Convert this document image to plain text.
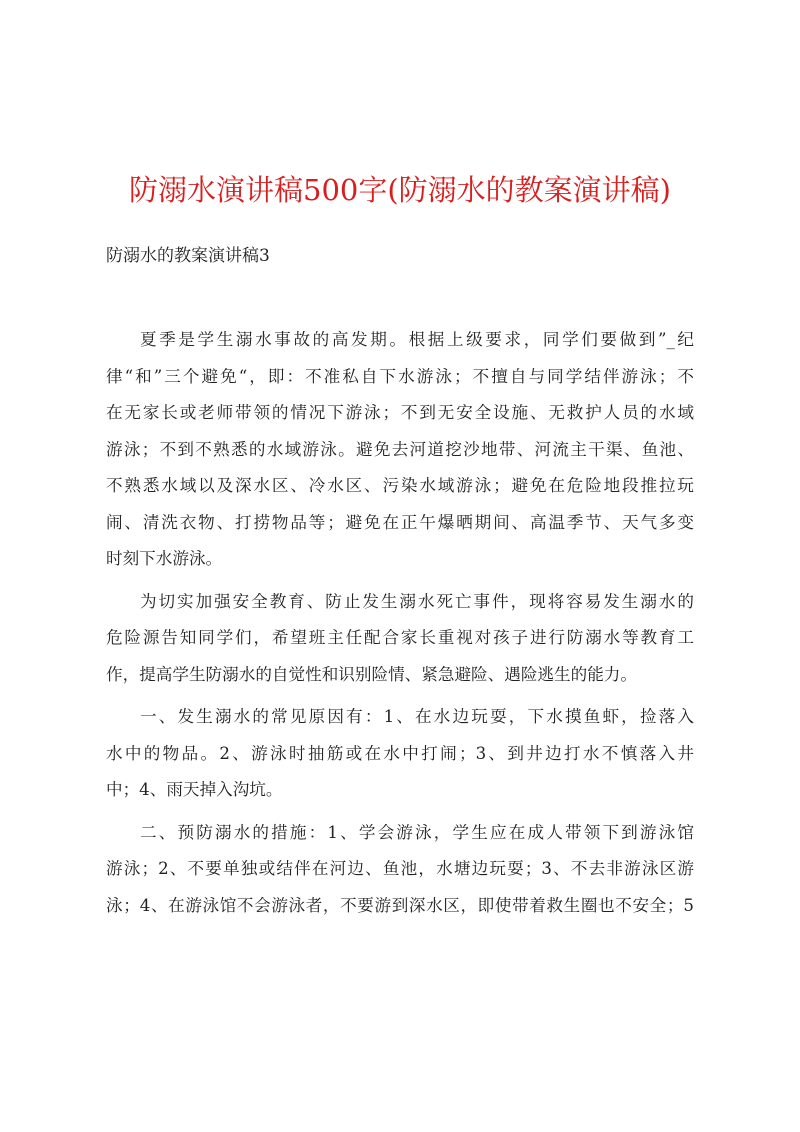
防溺水演讲稿500字(防溺水的教案演讲稿)

防溺水的教案演讲稿3

夏季是学生溺水事故的高发期。根据上级要求，同学们要做到”_纪
律“和”三个避免“，即：不准私自下水游泳；不擅自与同学结伴游泳；不
在无家长或老师带领的情况下游泳；不到无安全设施、无救护人员的水域
游泳；不到不熟悉的水域游泳。避免去河道挖沙地带、河流主干渠、鱼池、
不熟悉水域以及深水区、冷水区、污染水域游泳；避免在危险地段推拉玩
闹、清洗衣物、打捞物品等；避免在正午爆晒期间、高温季节、天气多变
时刻下水游泳。

为切实加强安全教育、防止发生溺水死亡事件，现将容易发生溺水的
危险源告知同学们，希望班主任配合家长重视对孩子进行防溺水等教育工
作，提高学生防溺水的自觉性和识别险情、紧急避险、遇险逃生的能力。

一、发生溺水的常见原因有：1、在水边玩耍，下水摸鱼虾，捡落入
水中的物品。2、游泳时抽筋或在水中打闹；3、到井边打水不慎落入井
中；4、雨天掉入沟坑。

二、预防溺水的措施：1、学会游泳，学生应在成人带领下到游泳馆
游泳；2、不要单独或结伴在河边、鱼池，水塘边玩耍；3、不去非游泳区游
泳；4、在游泳馆不会游泳者，不要游到深水区，即使带着救生圈也不安全；5
